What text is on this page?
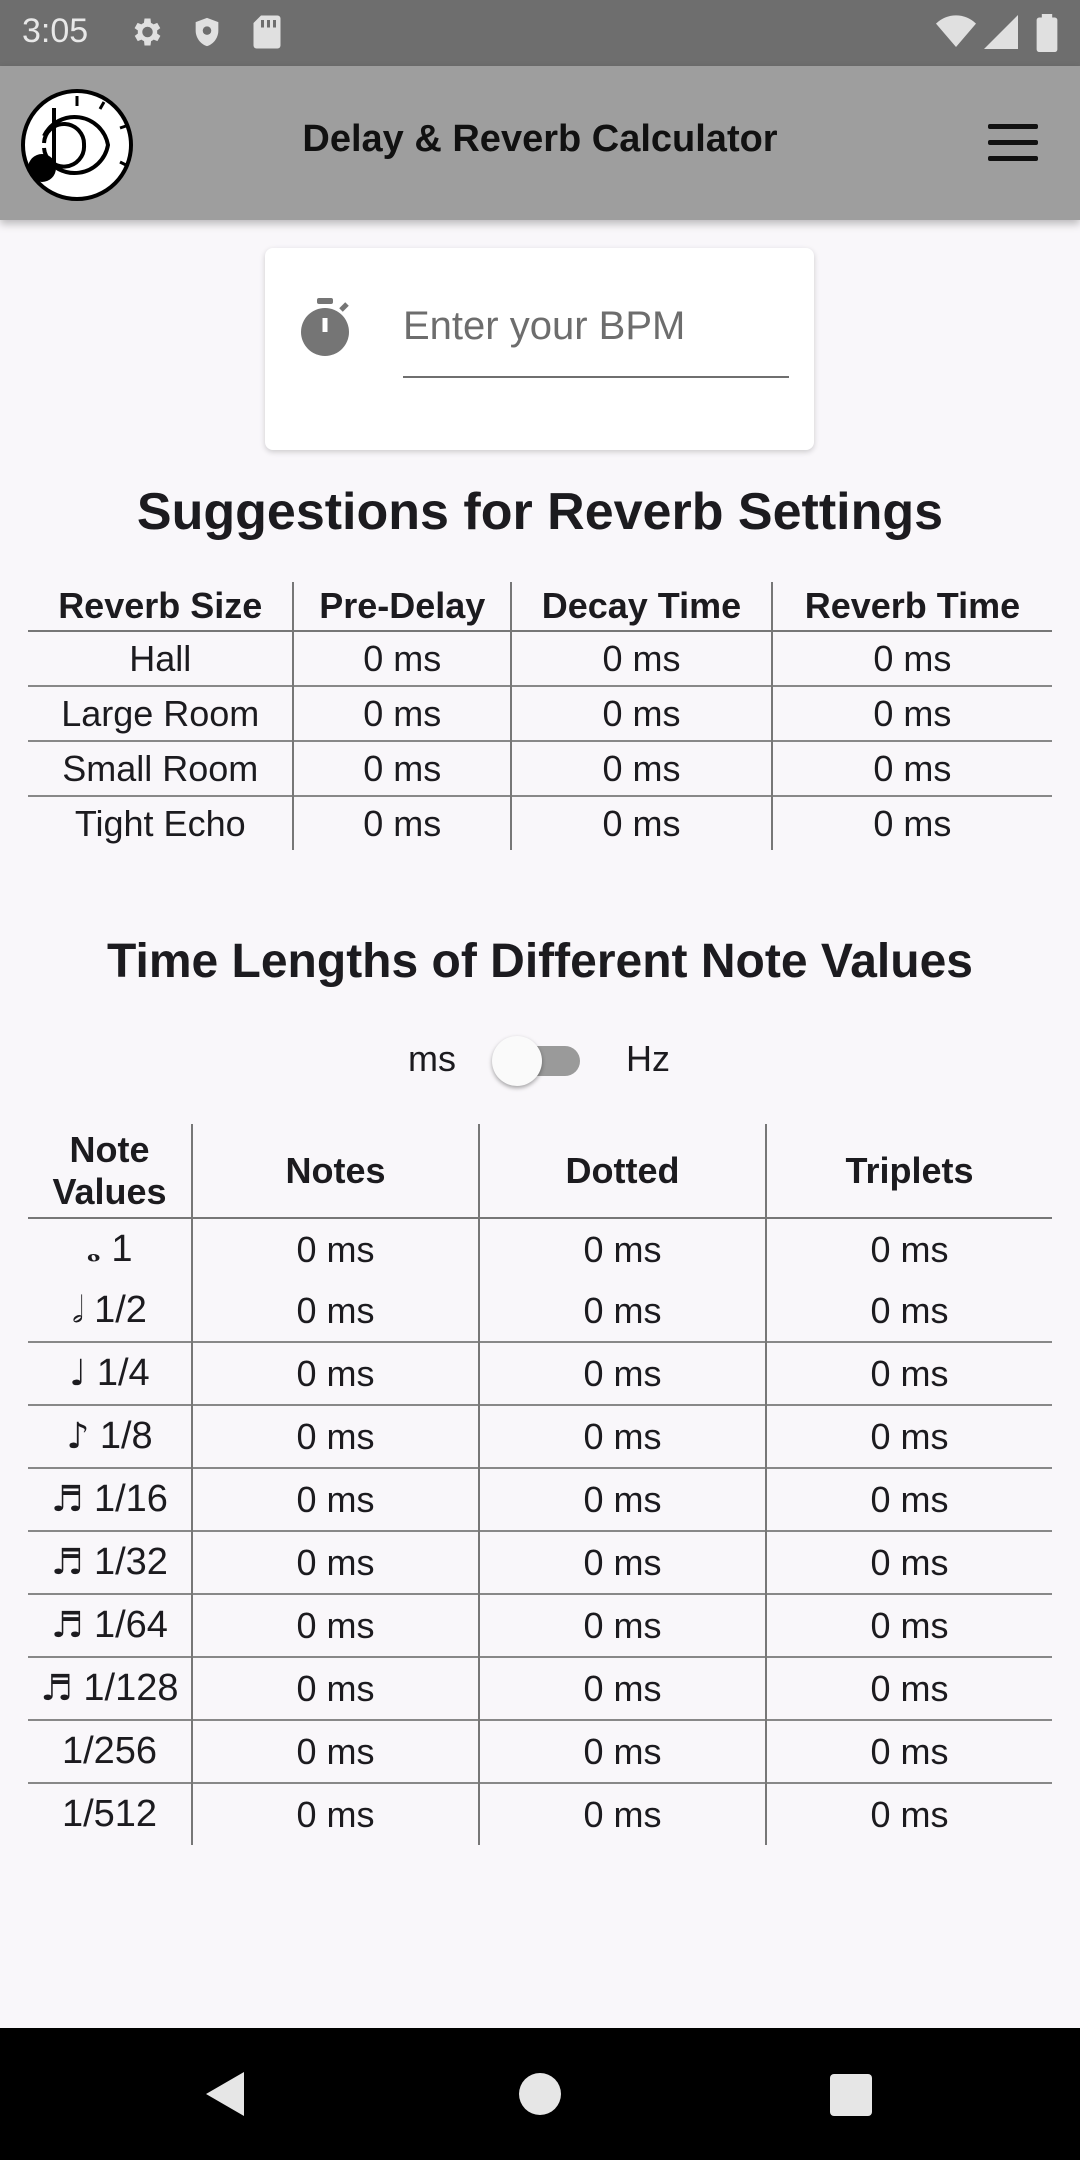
3:05
Delay & Reverb Calculator
Enter your BPM
Suggestions for Reverb Settings
Reverb Size	Pre-Delay	Decay Time	Reverb Time
Hall	0 ms	0 ms	0 ms
Large Room	0 ms	0 ms	0 ms
Small Room	0 ms	0 ms	0 ms
Tight Echo	0 ms	0 ms	0 ms
Time Lengths of Different Note Values
ms	Hz
Note Values	Notes	Dotted	Triplets
𝅝 1	0 ms	0 ms	0 ms
𝅗𝅥 1/2	0 ms	0 ms	0 ms
♩ 1/4	0 ms	0 ms	0 ms
♪ 1/8	0 ms	0 ms	0 ms
♬ 1/16	0 ms	0 ms	0 ms
♬ 1/32	0 ms	0 ms	0 ms
♬ 1/64	0 ms	0 ms	0 ms
♬ 1/128	0 ms	0 ms	0 ms
1/256	0 ms	0 ms	0 ms
1/512	0 ms	0 ms	0 ms
